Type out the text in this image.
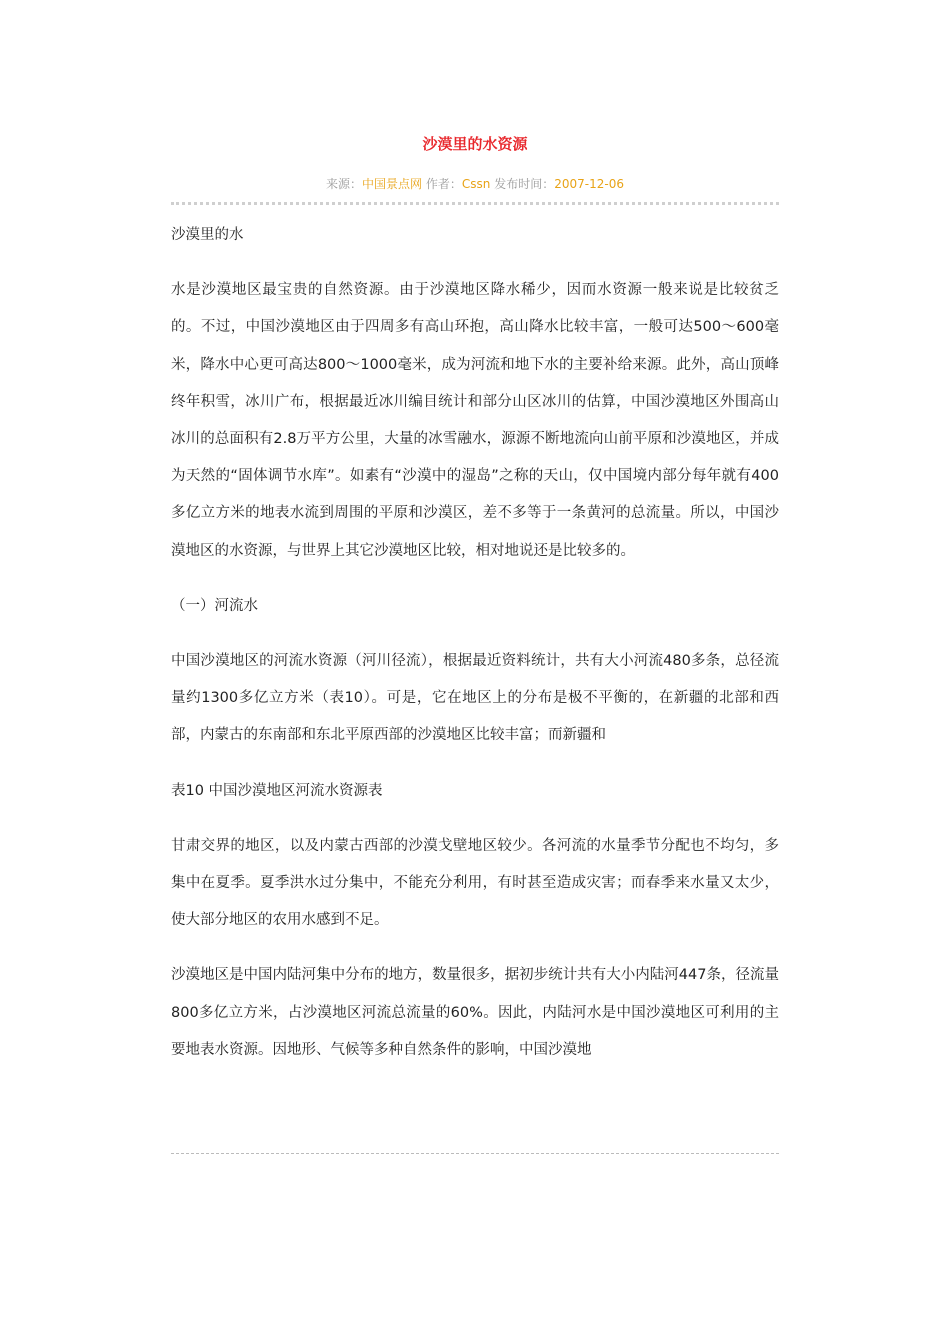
沙漠里的水资源
来源：中国景点网 作者：Cssn 发布时间：2007-12-06

沙漠里的水

水是沙漠地区最宝贵的自然资源。由于沙漠地区降水稀少，因而水资源一般来说是比较贫乏的。不过，中国沙漠地区由于四周多有高山环抱，高山降水比较丰富，一般可达500～600毫米，降水中心更可高达800～1000毫米，成为河流和地下水的主要补给来源。此外，高山顶峰终年积雪，冰川广布，根据最近冰川编目统计和部分山区冰川的估算，中国沙漠地区外围高山冰川的总面积有2.8万平方公里，大量的冰雪融水，源源不断地流向山前平原和沙漠地区，并成为天然的“固体调节水库”。如素有“沙漠中的湿岛”之称的天山，仅中国境内部分每年就有400多亿立方米的地表水流到周围的平原和沙漠区，差不多等于一条黄河的总流量。所以，中国沙漠地区的水资源，与世界上其它沙漠地区比较，相对地说还是比较多的。

（一）河流水

中国沙漠地区的河流水资源（河川径流），根据最近资料统计，共有大小河流480多条，总径流量约1300多亿立方米（表10）。可是，它在地区上的分布是极不平衡的，在新疆的北部和西部，内蒙古的东南部和东北平原西部的沙漠地区比较丰富；而新疆和

表10 中国沙漠地区河流水资源表

甘肃交界的地区，以及内蒙古西部的沙漠戈壁地区较少。各河流的水量季节分配也不均匀，多集中在夏季。夏季洪水过分集中，不能充分利用，有时甚至造成灾害；而春季来水量又太少，使大部分地区的农用水感到不足。

沙漠地区是中国内陆河集中分布的地方，数量很多，据初步统计共有大小内陆河447条，径流量800多亿立方米，占沙漠地区河流总流量的60%。因此，内陆河水是中国沙漠地区可利用的主要地表水资源。因地形、气候等多种自然条件的影响，中国沙漠地
